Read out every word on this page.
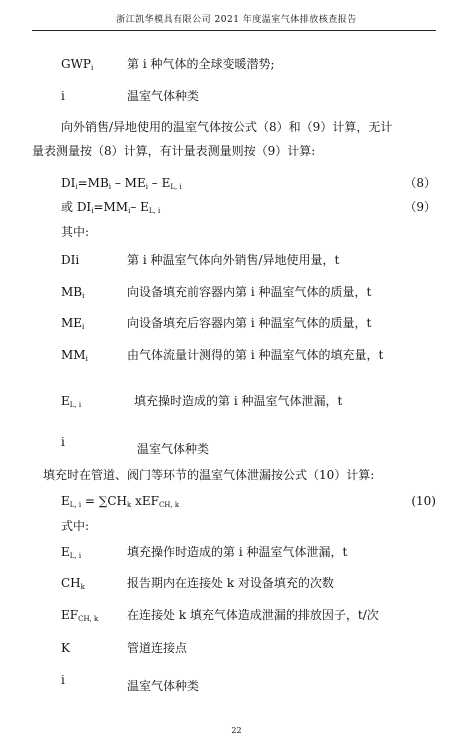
浙江凯华模具有限公司 2021 年度温室气体排放核查报告
$GWP_i$	第 i 种气体的全球变暖潜势;
i	温室气体种类
向外销售/异地使用的温室气体按公式（8）和（9）计算，无计
量表测量按（8）计算，有计量表测量则按（9）计算:
$DI_i=MB_i - ME_i - E_{L, i}$	（8）
或 $DI_i=MM_i-$ $E_{L, i}$	（9）
其中:
DIi	第 i 种温室气体向外销售/异地使用量，t
$MB_i$	向设备填充前容器内第 i 种温室气体的质量，t
$ME_i$	向设备填充后容器内第 i 种温室气体的质量，t
$MM_i$	由气体流量计测得的第 i 种温室气体的填充量，t
$E_{L, i}$	填充操时造成的第 i 种温室气体泄漏，t
i	温室气体种类
填充时在管道、阀门等环节的温室气体泄漏按公式（10）计算:
$E_{L, i} = \sum CH_k$ xEF$_{CH, k}$	(10)
式中:
$E_{L, i}$	填充操作时造成的第 i 种温室气体泄漏，t
$CH_k$	报告期内在连接处 k 对设备填充的次数
$EF_{CH, k}$ 在连接处 k 填充气体造成泄漏的排放因子，t/次
K	管道连接点
i	温室气体种类
22
